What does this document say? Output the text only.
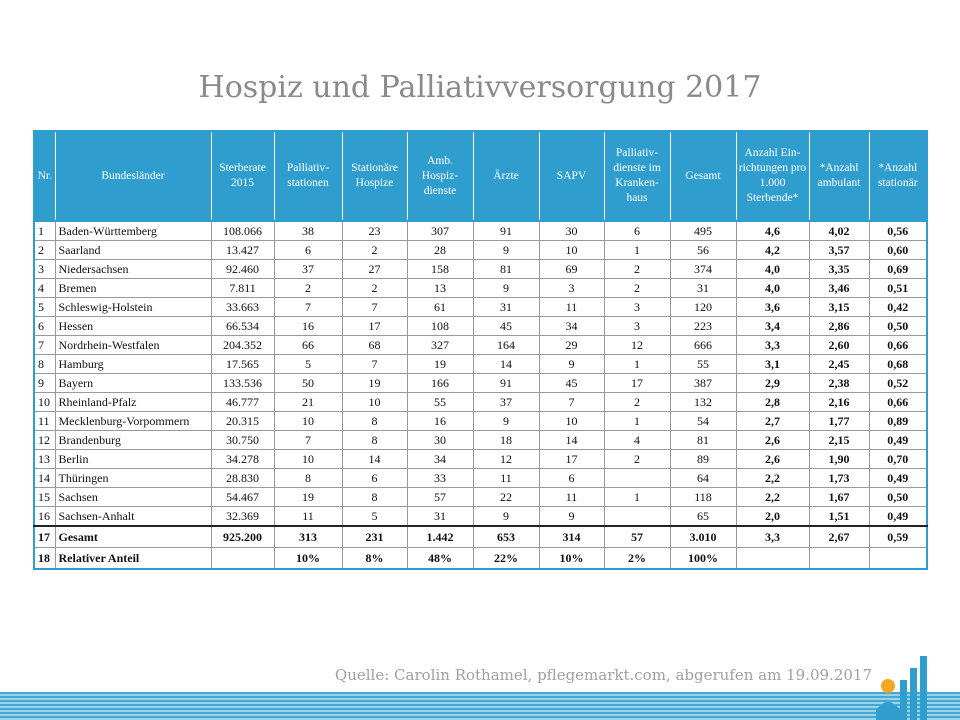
Hospiz und Palliativversorgung 2017
Nr.	Bundesländer	Sterberate 2015	Palliativ-stationen	Stationäre Hospize	Amb. Hospiz-dienste	Ärzte	SAPV	Palliativ-dienste im Kranken-haus	Gesamt	Anzahl Ein-richtungen pro 1.000 Sterbende*	*Anzahl ambulant	*Anzahl stationär
1	Baden-Württemberg	108.066	38	23	307	91	30	6	495	4,6	4,02	0,56
2	Saarland	13.427	6	2	28	9	10	1	56	4,2	3,57	0,60
3	Niedersachsen	92.460	37	27	158	81	69	2	374	4,0	3,35	0,69
4	Bremen	7.811	2	2	13	9	3	2	31	4,0	3,46	0,51
5	Schleswig-Holstein	33.663	7	7	61	31	11	3	120	3,6	3,15	0,42
6	Hessen	66.534	16	17	108	45	34	3	223	3,4	2,86	0,50
7	Nordrhein-Westfalen	204.352	66	68	327	164	29	12	666	3,3	2,60	0,66
8	Hamburg	17.565	5	7	19	14	9	1	55	3,1	2,45	0,68
9	Bayern	133.536	50	19	166	91	45	17	387	2,9	2,38	0,52
10	Rheinland-Pfalz	46.777	21	10	55	37	7	2	132	2,8	2,16	0,66
11	Mecklenburg-Vorpommern	20.315	10	8	16	9	10	1	54	2,7	1,77	0,89
12	Brandenburg	30.750	7	8	30	18	14	4	81	2,6	2,15	0,49
13	Berlin	34.278	10	14	34	12	17	2	89	2,6	1,90	0,70
14	Thüringen	28.830	8	6	33	11	6		64	2,2	1,73	0,49
15	Sachsen	54.467	19	8	57	22	11	1	118	2,2	1,67	0,50
16	Sachsen-Anhalt	32.369	11	5	31	9	9		65	2,0	1,51	0,49
17	Gesamt	925.200	313	231	1.442	653	314	57	3.010	3,3	2,67	0,59
18	Relativer Anteil		10%	8%	48%	22%	10%	2%	100%			
Quelle: Carolin Rothamel, pflegemarkt.com, abgerufen am 19.09.2017
